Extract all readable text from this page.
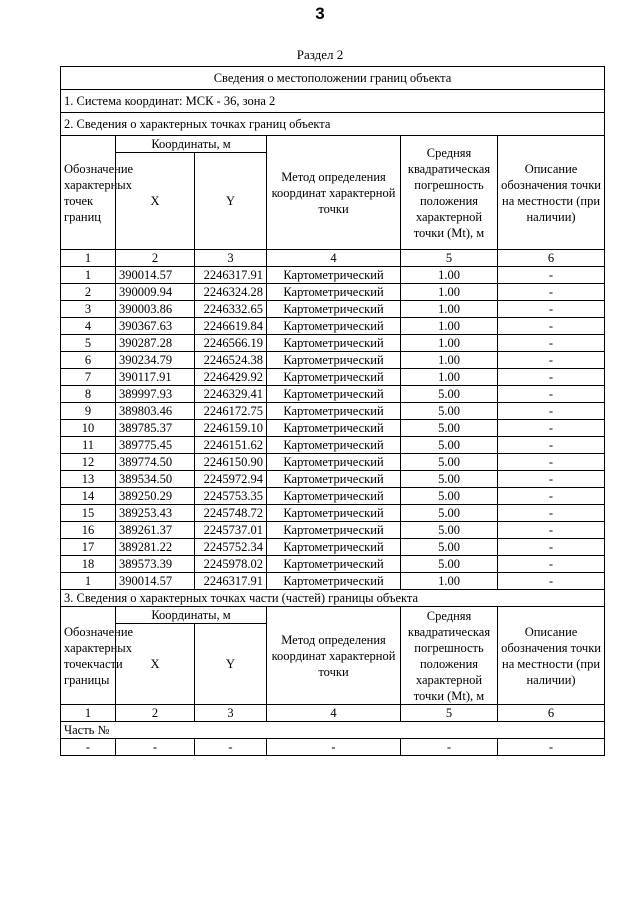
3
Раздел 2
Сведения о местоположении границ объекта					
1. Система координат: МСК - 36, зона 2					
2. Сведения о характерных точках границ объекта					
Обозначение характерных точек границ	Координаты, м		Метод определения координат характерной точки	Средняя квадратическая погрешность положения характерной точки (Mt), м	Описание обозначения точки на местности (при наличии)
	X	Y			
1	2	3	4	5	6
1	390014.57	2246317.91	Картометрический	1.00	-
2	390009.94	2246324.28	Картометрический	1.00	-
3	390003.86	2246332.65	Картометрический	1.00	-
4	390367.63	2246619.84	Картометрический	1.00	-
5	390287.28	2246566.19	Картометрический	1.00	-
6	390234.79	2246524.38	Картометрический	1.00	-
7	390117.91	2246429.92	Картометрический	1.00	-
8	389997.93	2246329.41	Картометрический	5.00	-
9	389803.46	2246172.75	Картометрический	5.00	-
10	389785.37	2246159.10	Картометрический	5.00	-
11	389775.45	2246151.62	Картометрический	5.00	-
12	389774.50	2246150.90	Картометрический	5.00	-
13	389534.50	2245972.94	Картометрический	5.00	-
14	389250.29	2245753.35	Картометрический	5.00	-
15	389253.43	2245748.72	Картометрический	5.00	-
16	389261.37	2245737.01	Картометрический	5.00	-
17	389281.22	2245752.34	Картометрический	5.00	-
18	389573.39	2245978.02	Картометрический	5.00	-
1	390014.57	2246317.91	Картометрический	1.00	-
3. Сведения о характерных точках части (частей) границы объекта					

Обозначение
характерных
точек части
границы	Координаты, м		Метод определения координат характерной точки	Средняя квадратическая погрешность положения характерной точки (Mt), м	Описание обозначения точки на местности (при наличии)
	X	Y			
1	2	3	4	5	6
Часть №					
-	-	-	-	-	-
